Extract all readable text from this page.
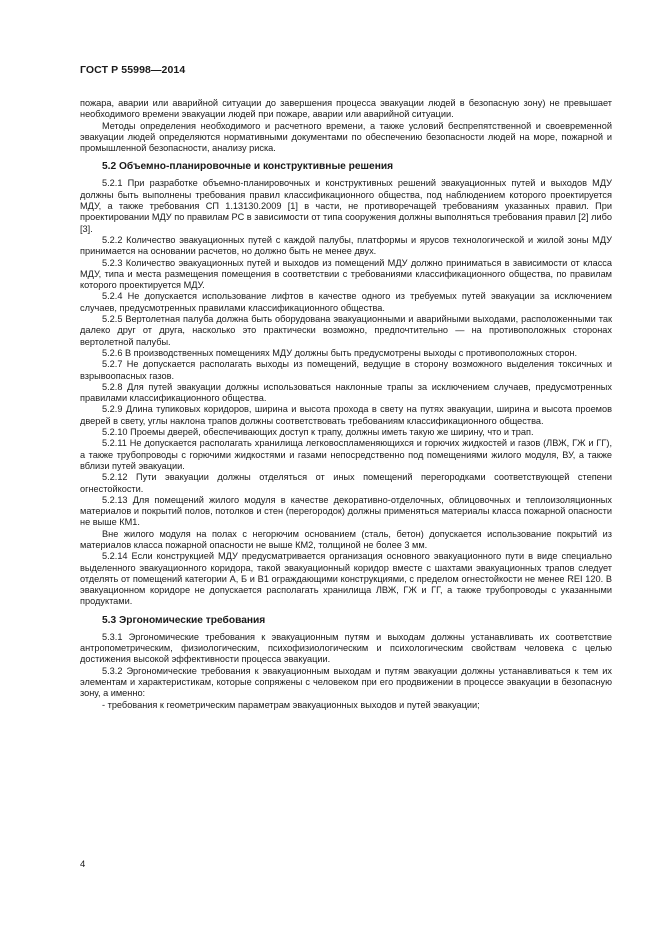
ГОСТ Р 55998—2014

пожара, аварии или аварийной ситуации до завершения процесса эвакуации людей в безопасную зону) не превышает необходимого времени эвакуации людей при пожаре, аварии или аварийной ситуации.

Методы определения необходимого и расчетного времени, а также условий беспрепятственной и своевременной эвакуации людей определяются нормативными документами по обеспечению безопасности людей на море, пожарной и промышленной безопасности, анализу риска.

5.2 Объемно-планировочные и конструктивные решения

5.2.1 При разработке объемно-планировочных и конструктивных решений эвакуационных путей и выходов МДУ должны быть выполнены требования правил классификационного общества, под наблюдением которого проектируется МДУ, а также требования СП 1.13130.2009 [1] в части, не противоречащей требованиям указанных правил. При проектировании МДУ по правилам РС в зависимости от типа сооружения должны выполняться требования правил [2] либо [3].

5.2.2 Количество эвакуационных путей с каждой палубы, платформы и ярусов технологической и жилой зоны МДУ принимается на основании расчетов, но должно быть не менее двух.

5.2.3 Количество эвакуационных путей и выходов из помещений МДУ должно приниматься в зависимости от класса МДУ, типа и места размещения помещения в соответствии с требованиями классификационного общества, по правилам которого проектируется МДУ.

5.2.4 Не допускается использование лифтов в качестве одного из требуемых путей эвакуации за исключением случаев, предусмотренных правилами классификационного общества.

5.2.5 Вертолетная палуба должна быть оборудована эвакуационными и аварийными выходами, расположенными так далеко друг от друга, насколько это практически возможно, предпочтительно — на противоположных сторонах вертолетной палубы.

5.2.6 В производственных помещениях МДУ должны быть предусмотрены выходы с противоположных сторон.

5.2.7 Не допускается располагать выходы из помещений, ведущие в сторону возможного выделения токсичных и взрывоопасных газов.

5.2.8 Для путей эвакуации должны использоваться наклонные трапы за исключением случаев, предусмотренных правилами классификационного общества.

5.2.9 Длина тупиковых коридоров, ширина и высота прохода в свету на путях эвакуации, ширина и высота проемов дверей в свету, углы наклона трапов должны соответствовать требованиям классификационного общества.

5.2.10 Проемы дверей, обеспечивающих доступ к трапу, должны иметь такую же ширину, что и трап.

5.2.11 Не допускается располагать хранилища легковоспламеняющихся и горючих жидкостей и газов (ЛВЖ, ГЖ и ГГ), а также трубопроводы с горючими жидкостями и газами непосредственно под помещениями жилого модуля, ВУ, а также вблизи путей эвакуации.

5.2.12 Пути эвакуации должны отделяться от иных помещений перегородками соответствующей степени огнестойкости.

5.2.13 Для помещений жилого модуля в качестве декоративно-отделочных, облицовочных и теплоизоляционных материалов и покрытий полов, потолков и стен (перегородок) должны применяться материалы класса пожарной опасности не выше КМ1.

Вне жилого модуля на полах с негорючим основанием (сталь, бетон) допускается использование покрытий из материалов класса пожарной опасности не выше КМ2, толщиной не более 3 мм.

5.2.14 Если конструкцией МДУ предусматривается организация основного эвакуационного пути в виде специально выделенного эвакуационного коридора, такой эвакуационный коридор вместе с шахтами эвакуационных трапов следует отделять от помещений категории А, Б и В1 ограждающими конструкциями, с пределом огнестойкости не менее REI 120. В эвакуационном коридоре не допускается располагать хранилища ЛВЖ, ГЖ и ГГ, а также трубопроводы с указанными продуктами.

5.3 Эргономические требования

5.3.1 Эргономические требования к эвакуационным путям и выходам должны устанавливать их соответствие антропометрическим, физиологическим, психофизиологическим и психологическим свойствам человека с целью достижения высокой эффективности процесса эвакуации.

5.3.2 Эргономические требования к эвакуационным выходам и путям эвакуации должны устанавливаться к тем их элементам и характеристикам, которые сопряжены с человеком при его продвижении в процессе эвакуации в безопасную зону, а именно:

- требования к геометрическим параметрам эвакуационных выходов и путей эвакуации;

4
